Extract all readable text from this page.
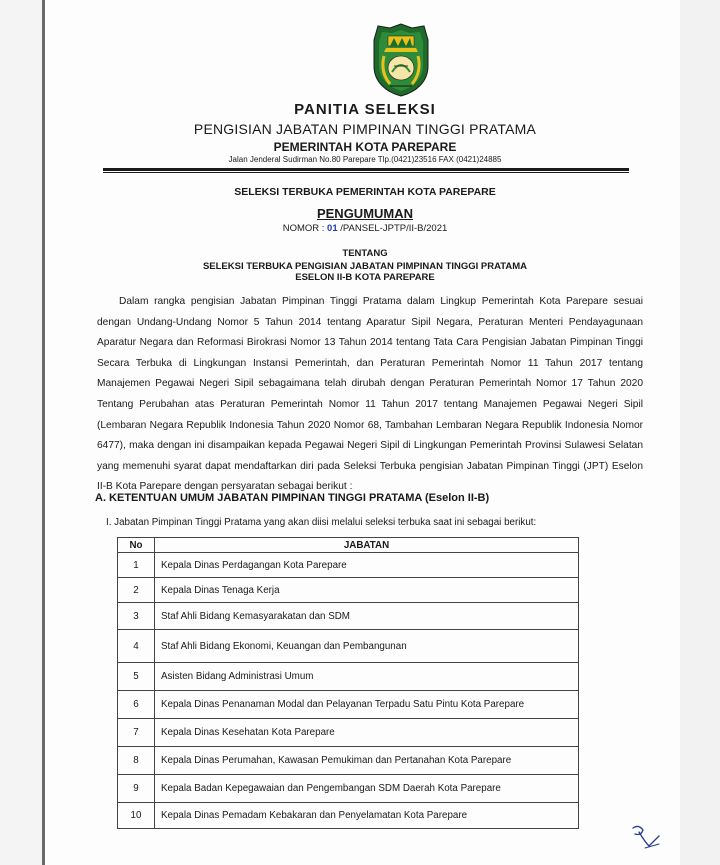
PANITIA SELEKSI
PENGISIAN JABATAN PIMPINAN TINGGI PRATAMA
PEMERINTAH KOTA PAREPARE
Jalan Jenderal Sudirman No.80 Parepare Tlp.(0421)23516 FAX (0421)24885
SELEKSI TERBUKA PEMERINTAH KOTA PAREPARE
PENGUMUMAN
NOMOR : 01 /PANSEL-JPTP/II-B/2021
TENTANG
SELEKSI TERBUKA PENGISIAN JABATAN PIMPINAN TINGGI PRATAMA
ESELON II-B KOTA PAREPARE
Dalam rangka pengisian Jabatan Pimpinan Tinggi Pratama dalam Lingkup Pemerintah Kota Parepare sesuai dengan Undang-Undang Nomor 5 Tahun 2014 tentang Aparatur Sipil Negara, Peraturan Menteri Pendayagunaan Aparatur Negara dan Reformasi Birokrasi Nomor 13 Tahun 2014 tentang Tata Cara Pengisian Jabatan Pimpinan Tinggi Secara Terbuka di Lingkungan Instansi Pemerintah, dan Peraturan Pemerintah Nomor 11 Tahun 2017 tentang Manajemen Pegawai Negeri Sipil sebagaimana telah dirubah dengan Peraturan Pemerintah Nomor 17 Tahun 2020 Tentang Perubahan atas Peraturan Pemerintah Nomor 11 Tahun 2017 tentang Manajemen Pegawai Negeri Sipil (Lembaran Negara Republik Indonesia Tahun 2020 Nomor 68, Tambahan Lembaran Negara Republik Indonesia Nomor 6477), maka dengan ini disampaikan kepada Pegawai Negeri Sipil di Lingkungan Pemerintah Provinsi Sulawesi Selatan yang memenuhi syarat dapat mendaftarkan diri pada Seleksi Terbuka pengisian Jabatan Pimpinan Tinggi (JPT) Eselon II-B Kota Parepare dengan persyaratan sebagai berikut :
A. KETENTUAN UMUM JABATAN PIMPINAN TINGGI PRATAMA (Eselon II-B)
I. Jabatan Pimpinan Tinggi Pratama yang akan diisi melalui seleksi terbuka saat ini sebagai berikut:
No	JABATAN
1	Kepala Dinas Perdagangan Kota Parepare
2	Kepala Dinas Tenaga Kerja
3	Staf Ahli Bidang Kemasyarakatan dan SDM
4	Staf Ahli Bidang Ekonomi, Keuangan dan Pembangunan
5	Asisten Bidang Administrasi Umum
6	Kepala Dinas Penanaman Modal dan Pelayanan Terpadu Satu Pintu Kota Parepare
7	Kepala Dinas Kesehatan Kota Parepare
8	Kepala Dinas Perumahan, Kawasan Pemukiman dan Pertanahan Kota Parepare
9	Kepala Badan Kepegawaian dan Pengembangan SDM Daerah Kota Parepare
10	Kepala Dinas Pemadam Kebakaran dan Penyelamatan Kota Parepare
